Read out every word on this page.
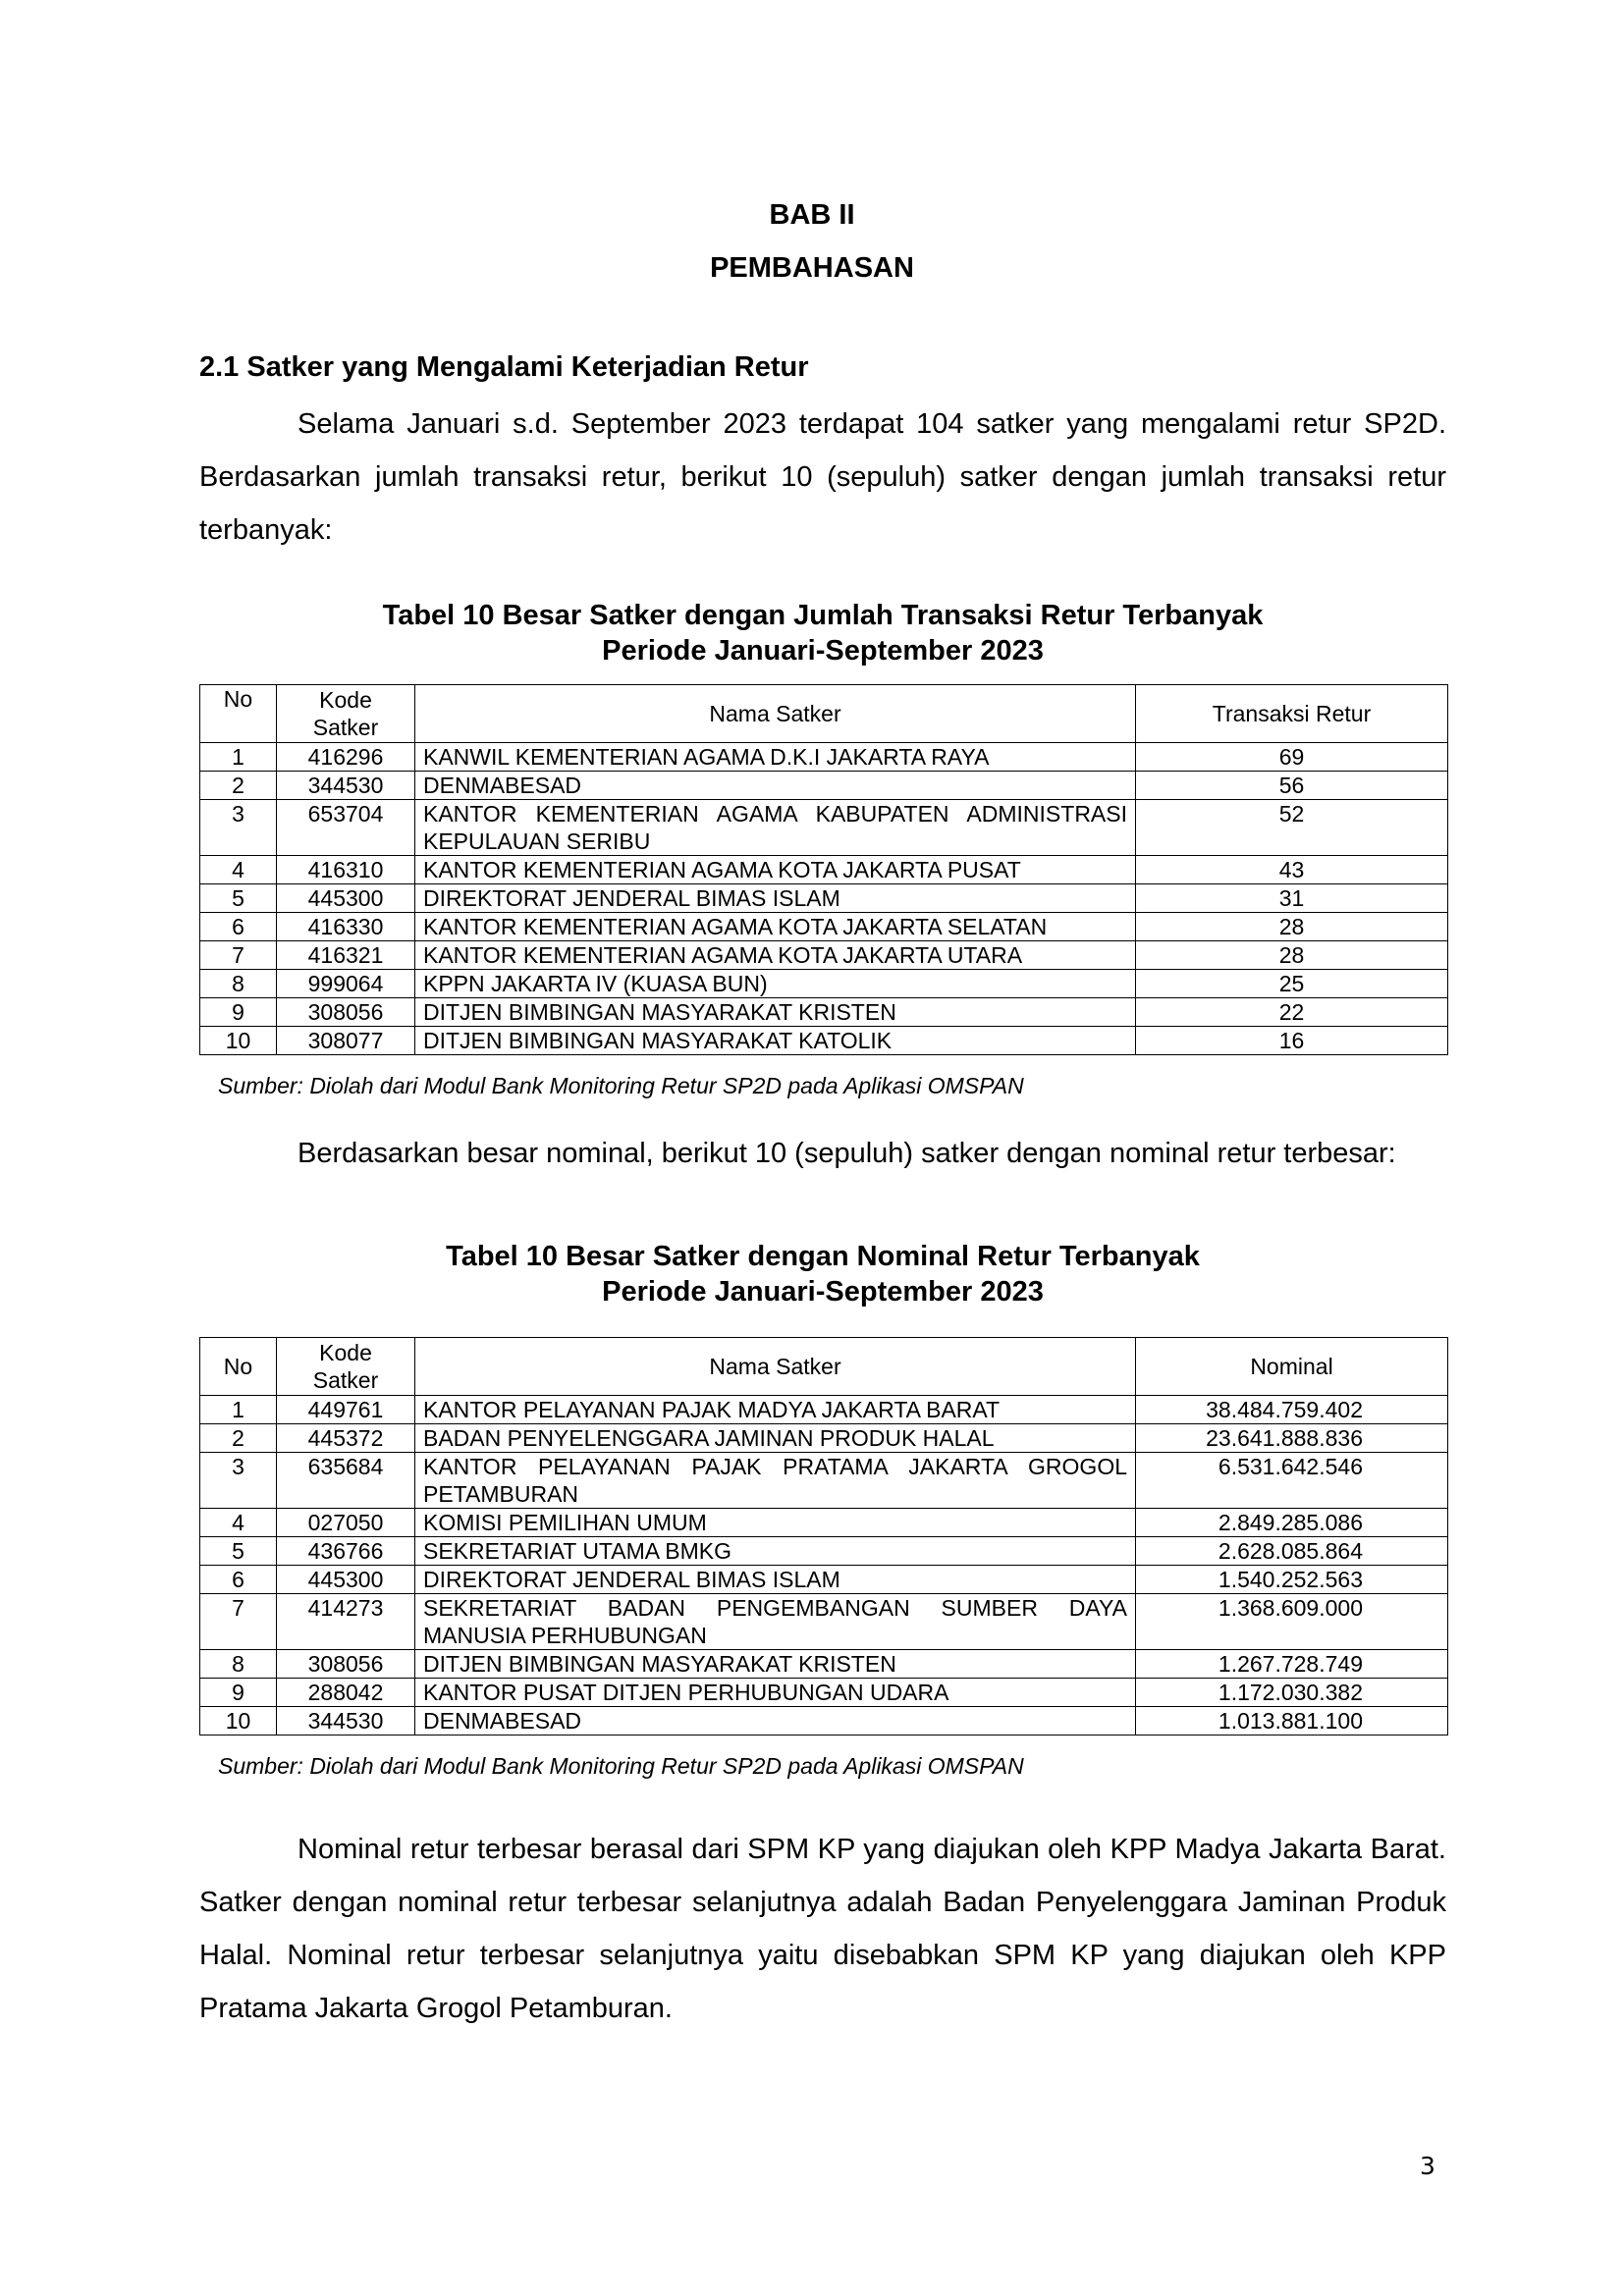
BAB II
PEMBAHASAN
2.1 Satker yang Mengalami Keterjadian Retur

Selama Januari s.d. September 2023 terdapat 104 satker yang mengalami retur SP2D. Berdasarkan jumlah transaksi retur, berikut 10 (sepuluh) satker dengan jumlah transaksi retur terbanyak:

Tabel 10 Besar Satker dengan Jumlah Transaksi Retur Terbanyak
Periode Januari-September 2023
No	Kode Satker	Nama Satker	Transaksi Retur
1	416296	KANWIL KEMENTERIAN AGAMA D.K.I JAKARTA RAYA	69
2	344530	DENMABESAD	56
3	653704	KANTOR KEMENTERIAN AGAMA KABUPATEN ADMINISTRASI KEPULAUAN SERIBU	52
4	416310	KANTOR KEMENTERIAN AGAMA KOTA JAKARTA PUSAT	43
5	445300	DIREKTORAT JENDERAL BIMAS ISLAM	31
6	416330	KANTOR KEMENTERIAN AGAMA KOTA JAKARTA SELATAN	28
7	416321	KANTOR KEMENTERIAN AGAMA KOTA JAKARTA UTARA	28
8	999064	KPPN JAKARTA IV (KUASA BUN)	25
9	308056	DITJEN BIMBINGAN MASYARAKAT KRISTEN	22
10	308077	DITJEN BIMBINGAN MASYARAKAT KATOLIK	16
Sumber: Diolah dari Modul Bank Monitoring Retur SP2D pada Aplikasi OMSPAN

Berdasarkan besar nominal, berikut 10 (sepuluh) satker dengan nominal retur terbesar:

Tabel 10 Besar Satker dengan Nominal Retur Terbanyak
Periode Januari-September 2023
No	Kode Satker	Nama Satker	Nominal
1	449761	KANTOR PELAYANAN PAJAK MADYA JAKARTA BARAT	38.484.759.402
2	445372	BADAN PENYELENGGARA JAMINAN PRODUK HALAL	23.641.888.836
3	635684	KANTOR PELAYANAN PAJAK PRATAMA JAKARTA GROGOL PETAMBURAN	6.531.642.546
4	027050	KOMISI PEMILIHAN UMUM	2.849.285.086
5	436766	SEKRETARIAT UTAMA BMKG	2.628.085.864
6	445300	DIREKTORAT JENDERAL BIMAS ISLAM	1.540.252.563
7	414273	SEKRETARIAT BADAN PENGEMBANGAN SUMBER DAYA MANUSIA PERHUBUNGAN	1.368.609.000
8	308056	DITJEN BIMBINGAN MASYARAKAT KRISTEN	1.267.728.749
9	288042	KANTOR PUSAT DITJEN PERHUBUNGAN UDARA	1.172.030.382
10	344530	DENMABESAD	1.013.881.100
Sumber: Diolah dari Modul Bank Monitoring Retur SP2D pada Aplikasi OMSPAN

Nominal retur terbesar berasal dari SPM KP yang diajukan oleh KPP Madya Jakarta Barat. Satker dengan nominal retur terbesar selanjutnya adalah Badan Penyelenggara Jaminan Produk Halal. Nominal retur terbesar selanjutnya yaitu disebabkan SPM KP yang diajukan oleh KPP Pratama Jakarta Grogol Petamburan.

3
